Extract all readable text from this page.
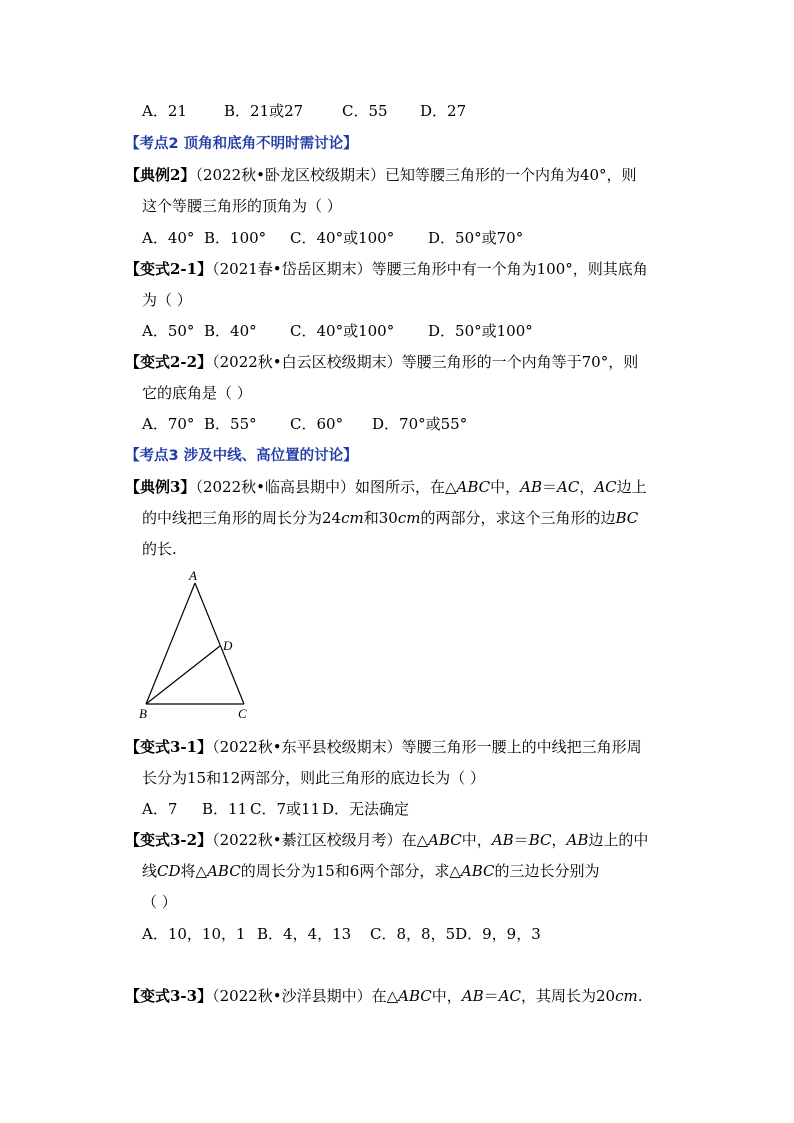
A．21 B．21或27	C．55 D．27
【考点2 顶角和底角不明时需讨论】
【典例2】（2022秋•卧龙区校级期末）已知等腰三角形的一个内角为40°，则
这个等腰三角形的顶角为（ ）
A．40° B．100° C．40°或100° D．50°或70°
【变式2-1】（2021春•岱岳区期末）等腰三角形中有一个角为100°，则其底角
为（ ）
A．50° B．40° C．40°或100° D．50°或100°
【变式2-2】（2022秋•白云区校级期末）等腰三角形的一个内角等于70°，则
它的底角是（ ）
A．70° B．55° C．60° D．70°或55°
【考点3 涉及中线、高位置的讨论】
【典例3】（2022秋•临高县期中）如图所示，在△ABC中，AB＝AC，AC边上
的中线把三角形的周长分为24cm和30cm的两部分，求这个三角形的边BC
的长.
A
B	C
D
【变式3-1】（2022秋•东平县校级期末）等腰三角形一腰上的中线把三角形周
长分为15和12两部分，则此三角形的底边长为（ ）
A．7 B．11 C．7或11 D．无法确定
【变式3-2】（2022秋•綦江区校级月考）在△ABC中，AB＝BC，AB边上的中
线CD将△ABC的周长分为15和6两个部分，求△ABC的三边长分别为
（ ）
A．10，10，1 B．4，4，13 C．8，8，5D．9，9，3
【变式3-3】（2022秋•沙洋县期中）在△ABC中，AB＝AC，其周长为20cm.
